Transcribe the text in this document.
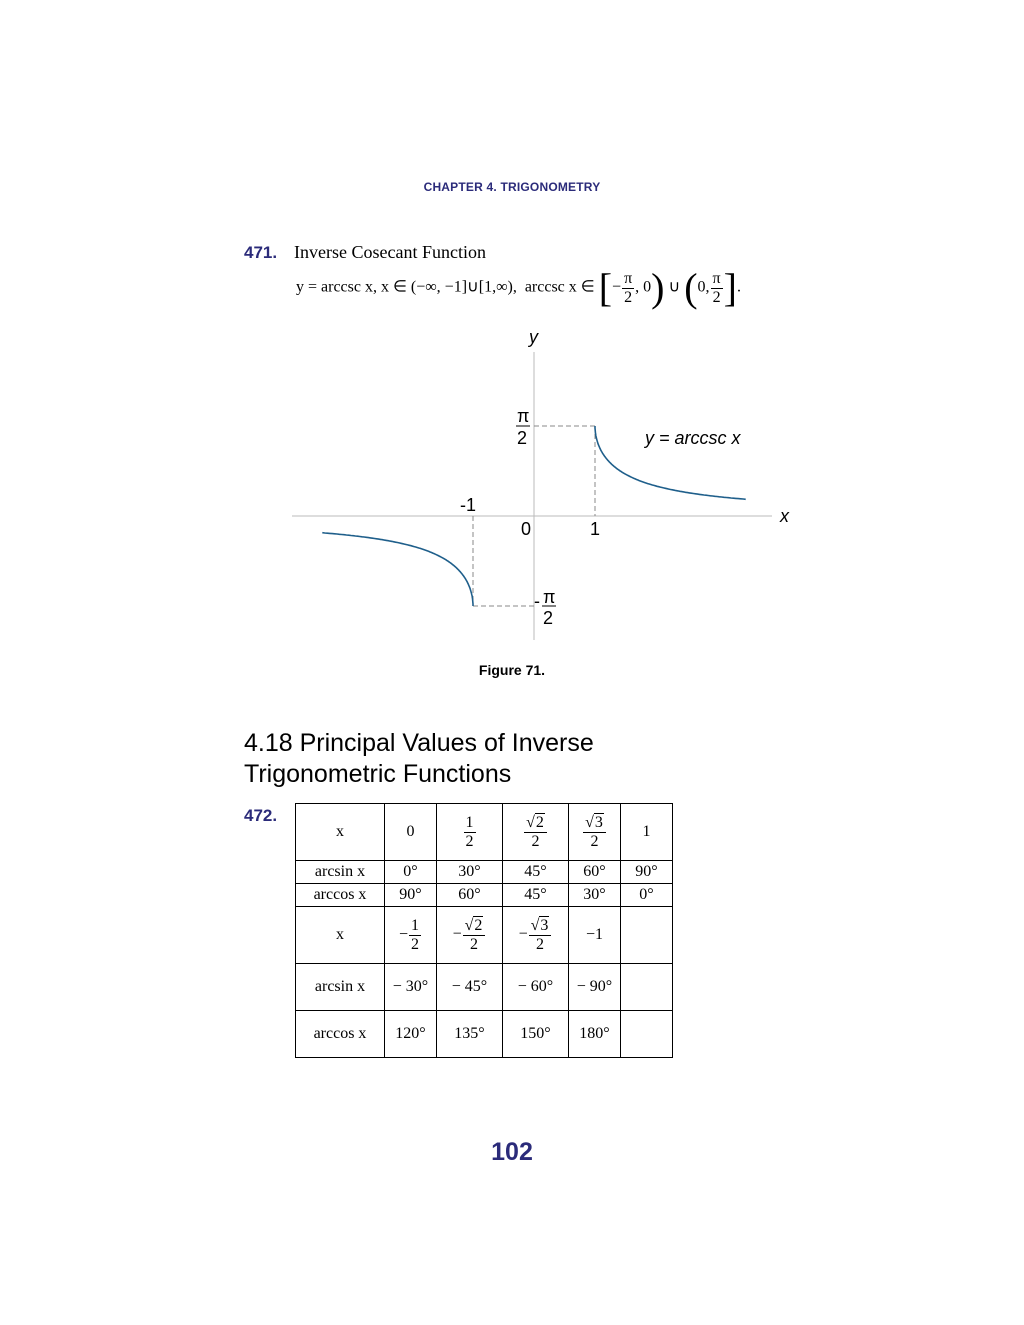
CHAPTER 4. TRIGONOMETRY
471. Inverse Cosecant Function
y = arccsc x, x ∈ (−∞, −1]∪[1,∞), arccsc x ∈ [− $\frac{\pi}{2}$ , 0) ∪ (0, $\frac{\pi}{2}$ ].
y
x
0	1
-1
π
2
- π
2
y = arccsc x
Figure 71.
4.18 Principal Values of Inverse
Trigonometric Functions
472.
x	0	$\frac{1}{2}$	$\frac{√2}{2}$	$\frac{√3}{2}$	1
arcsin x	0°	30°	45°	60°	90°
arccos x	90°	60°	45°	30°	0°
x	− $\frac{1}{2}$	− $\frac{√2}{2}$	− $\frac{√3}{2}$	−1	
arcsin x	− 30°	− 45°	− 60°	− 90°	
arccos x	120°	135°	150°	180°	
102
